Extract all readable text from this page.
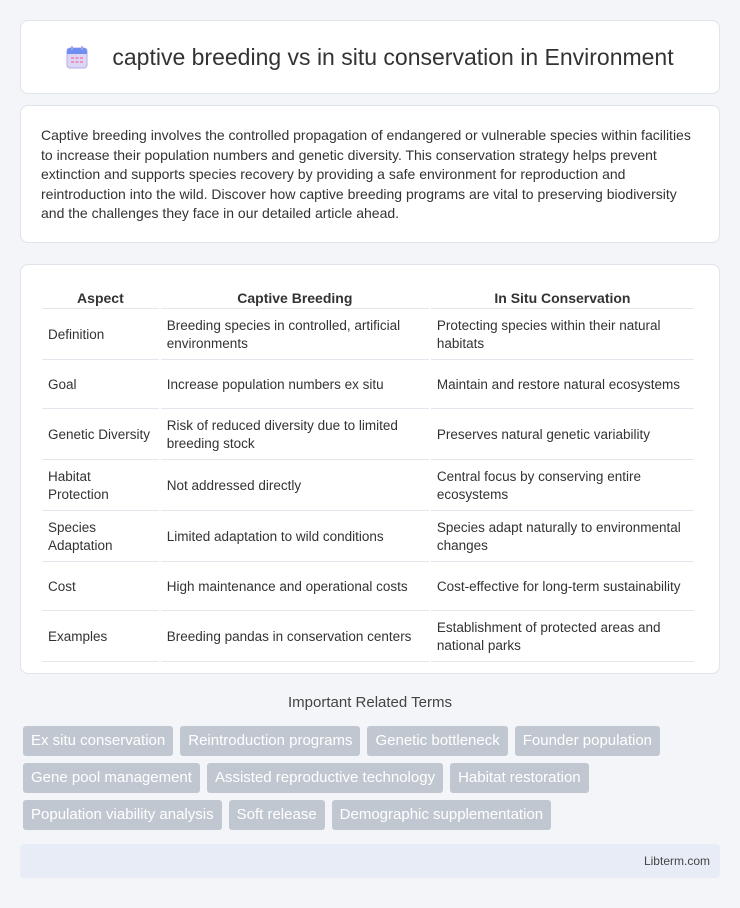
captive breeding vs in situ conservation in Environment

Captive breeding involves the controlled propagation of endangered or vulnerable species within facilities to increase their population numbers and genetic diversity. This conservation strategy helps prevent extinction and supports species recovery by providing a safe environment for reproduction and reintroduction into the wild. Discover how captive breeding programs are vital to preserving biodiversity and the challenges they face in our detailed article ahead.

Aspect	Captive Breeding	In Situ Conservation
Definition	Breeding species in controlled, artificial environments	Protecting species within their natural habitats
Goal	Increase population numbers ex situ	Maintain and restore natural ecosystems
Genetic Diversity	Risk of reduced diversity due to limited breeding stock	Preserves natural genetic variability
Habitat Protection	Not addressed directly	Central focus by conserving entire ecosystems
Species Adaptation	Limited adaptation to wild conditions	Species adapt naturally to environmental changes
Cost	High maintenance and operational costs	Cost-effective for long-term sustainability
Examples	Breeding pandas in conservation centers	Establishment of protected areas and national parks
Important Related Terms
Ex situ conservation	Reintroduction programs	Genetic bottleneck	Founder population
Gene pool management	Assisted reproductive technology	Habitat restoration
Population viability analysis	Soft release	Demographic supplementation
Libterm.com
